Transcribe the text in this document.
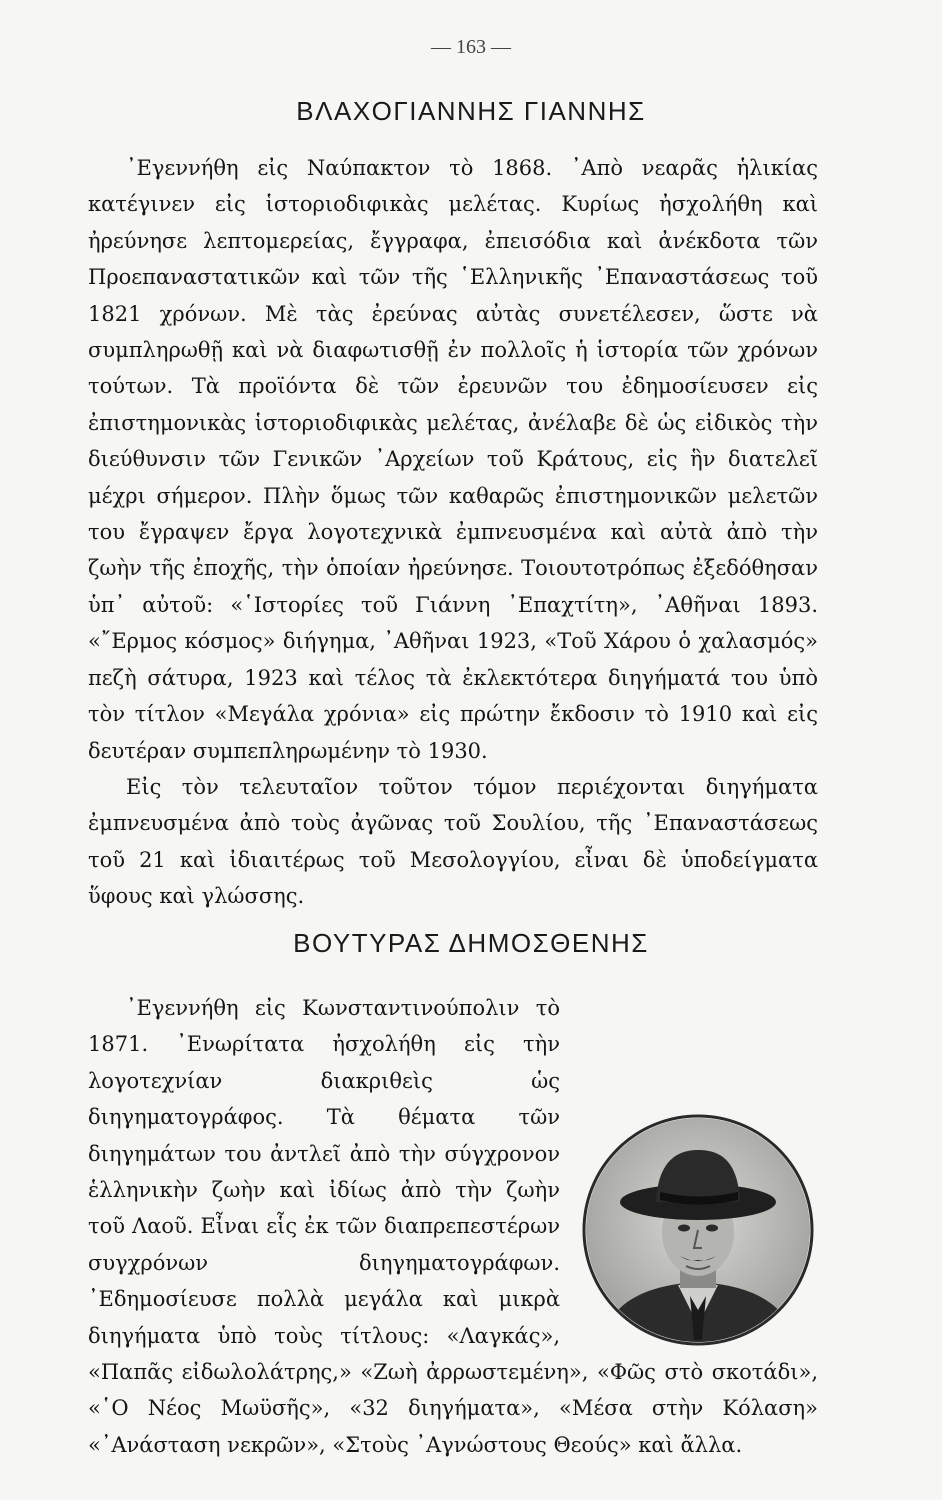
— 163 —
ΒΛΑΧΟΓΙΑΝΝΗΣ ΓΙΑΝΝΗΣ

᾿Εγεννήθη εἰς Ναύπακτον τὸ 1868. ᾿Απὸ νεαρᾶς ἡλικίας κατέγινεν εἰς ἱστοριοδιφικὰς μελέτας. Κυρίως ἠσχολήθη καὶ ἠρεύνησε λεπτομερείας, ἔγγραφα, ἐπεισόδια καὶ ἀνέκδοτα τῶν Προεπαναστατικῶν καὶ τῶν τῆς ῾Ελληνικῆς ᾿Επαναστάσεως τοῦ 1821 χρόνων. Μὲ τὰς ἐρεύνας αὐτὰς συνετέλεσεν, ὥστε νὰ συμπληρωθῇ καὶ νὰ διαφωτισθῇ ἐν πολλοῖς ἡ ἱστορία τῶν χρόνων τούτων. Τὰ προϊόντα δὲ τῶν ἐρευνῶν του ἐδημοσίευσεν εἰς ἐπιστημονικὰς ἱστοριοδιφικὰς μελέτας, ἀνέλαβε δὲ ὡς εἰδικὸς τὴν διεύθυνσιν τῶν Γενικῶν ᾿Αρχείων τοῦ Κράτους, εἰς ἣν διατελεῖ μέχρι σήμερον. Πλὴν ὅμως τῶν καθαρῶς ἐπιστημονικῶν μελετῶν του ἔγραψεν ἔργα λογοτεχνικὰ ἐμπνευσμένα καὶ αὐτὰ ἀπὸ τὴν ζωὴν τῆς ἐποχῆς, τὴν ὁποίαν ἠρεύνησε. Τοιουτοτρόπως ἐξεδόθησαν ὑπ᾿ αὐτοῦ: «῾Ιστορίες τοῦ Γιάννη ᾿Επαχτίτη», ᾿Αθῆναι 1893. «῎Ερμος κόσμος» διήγημα, ᾿Αθῆναι 1923, «Τοῦ Χάρου ὁ χαλασμός» πεζὴ σάτυρα, 1923 καὶ τέλος τὰ ἐκλεκτότερα διηγήματά του ὑπὸ τὸν τίτλον «Μεγάλα χρόνια» εἰς πρώτην ἔκδοσιν τὸ 1910 καὶ εἰς δευτέραν συμπεπληρωμένην τὸ 1930.

Εἰς τὸν τελευταῖον τοῦτον τόμον περιέχονται διηγήματα ἐμπνευσμένα ἀπὸ τοὺς ἀγῶνας τοῦ Σουλίου, τῆς ᾿Επαναστάσεως τοῦ 21 καὶ ἰδιαιτέρως τοῦ Μεσολογγίου, εἶναι δὲ ὑποδείγματα ὕφους καὶ γλώσσης.

ΒΟΥΤΥΡΑΣ ΔΗΜΟΣΘΕΝΗΣ

᾿Εγεννήθη εἰς Κωνσταντινούπολιν τὸ 1871. ᾿Ενωρίτατα ἠσχολήθη εἰς τὴν λογοτεχνίαν διακριθεὶς ὡς διηγηματογράφος. Τὰ θέματα τῶν διηγημάτων του ἀντλεῖ ἀπὸ τὴν σύγχρονον ἑλληνικὴν ζωὴν καὶ ἰδίως ἀπὸ τὴν ζωὴν τοῦ Λαοῦ. Εἶναι εἷς ἐκ τῶν διαπρεπεστέρων συγχρόνων διηγηματογράφων. ᾿Εδημοσίευσε πολλὰ μεγάλα καὶ μικρὰ διηγήματα ὑπὸ τοὺς τίτλους: «Λαγκάς», «Παπᾶς εἰδωλολάτρης,» «Ζωὴ ἀρρωστεμένη», «Φῶς στὸ σκοτάδι», «῾Ο Νέος Μωϋσῆς», «32 διηγήματα», «Μέσα στὴν Κόλαση» «᾿Ανάσταση νεκρῶν», «Στοὺς ᾿Αγνώστους Θεούς» καὶ ἄλλα.
